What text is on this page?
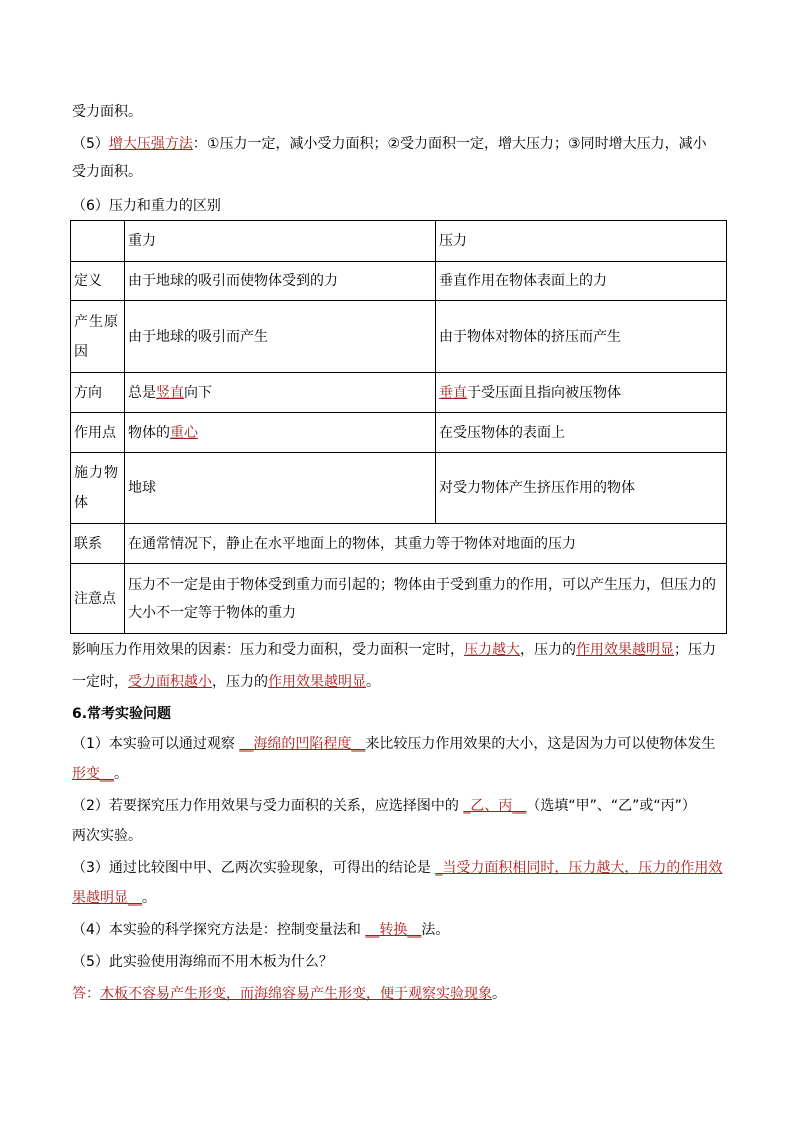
受力面积。
（5）增大压强方法：①压力一定，减小受力面积；②受力面积一定，增大压力；③同时增大压力，减小
受力面积。
（6）压力和重力的区别
	重力	压力
定义	由于地球的吸引而使物体受到的力	垂直作用在物体表面上的力
产生原因	由于地球的吸引而产生	由于物体对物体的挤压而产生
方向	总是竖直向下	垂直于受压面且指向被压物体
作用点	物体的重心	在受压物体的表面上
施力物体	地球	对受力物体产生挤压作用的物体
联系	在通常情况下，静止在水平地面上的物体，其重力等于物体对地面的压力	
注意点	压力不一定是由于物体受到重力而引起的；物体由于受到重力的作用，可以产生压力，但压力的
大小不一定等于物体的重力	
影响压力作用效果的因素：压力和受力面积，受力面积一定时，压力越大，压力的作用效果越明显；压力
一定时，受力面积越小，压力的作用效果越明显。
6.常考实验问题
（1）本实验可以通过观察 __海绵的凹陷程度__来比较压力作用效果的大小，这是因为力可以使物体发生
形变__。
（2）若要探究压力作用效果与受力面积的关系，应选择图中的 _乙、丙__（选填“甲”、“乙”或“丙”）
两次实验。
（3）通过比较图中甲、乙两次实验现象，可得出的结论是 _当受力面积相同时，压力越大，压力的作用效
果越明显__。
（4）本实验的科学探究方法是：控制变量法和 __转换__法。
（5）此实验使用海绵而不用木板为什么？
答：木板不容易产生形变，而海绵容易产生形变，便于观察实验现象。
